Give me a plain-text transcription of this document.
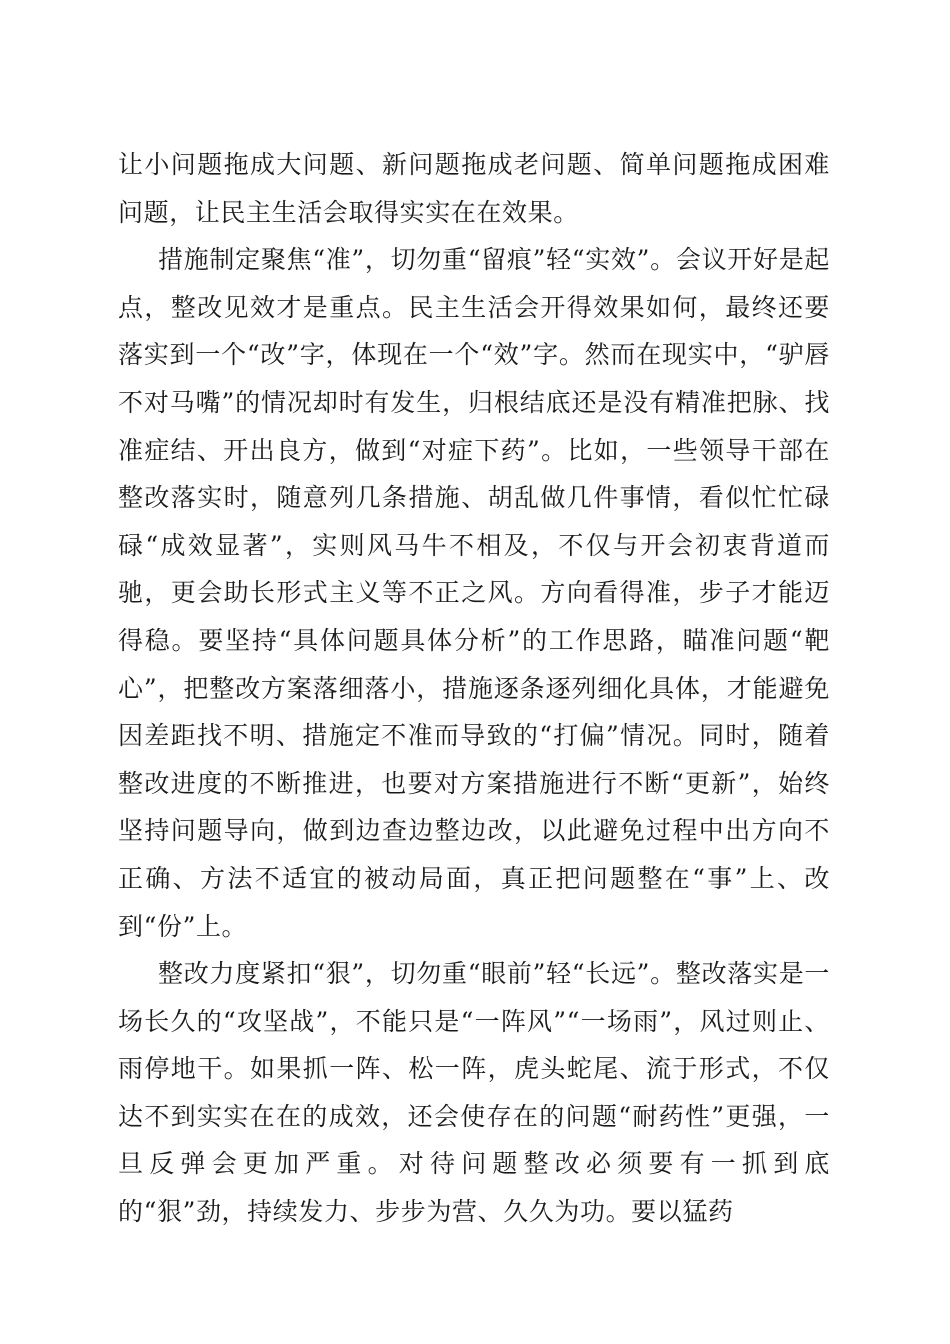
让小问题拖成大问题、新问题拖成老问题、简单问题拖成困难问题，让民主生活会取得实实在在效果。

措施制定聚焦“准”，切勿重“留痕”轻“实效”。会议开好是起点，整改见效才是重点。民主生活会开得效果如何，最终还要落实到一个“改”字，体现在一个“效”字。然而在现实中，“驴唇不对马嘴”的情况却时有发生，归根结底还是没有精准把脉、找准症结、开出良方，做到“对症下药”。比如，一些领导干部在整改落实时，随意列几条措施、胡乱做几件事情，看似忙忙碌碌“成效显著”，实则风马牛不相及，不仅与开会初衷背道而驰，更会助长形式主义等不正之风。方向看得准，步子才能迈得稳。要坚持“具体问题具体分析”的工作思路，瞄准问题“靶心”，把整改方案落细落小，措施逐条逐列细化具体，才能避免因差距找不明、措施定不准而导致的“打偏”情况。同时，随着整改进度的不断推进，也要对方案措施进行不断“更新”，始终坚持问题导向，做到边查边整边改，以此避免过程中出方向不正确、方法不适宜的被动局面，真正把问题整在“事”上、改到“份”上。

整改力度紧扣“狠”，切勿重“眼前”轻“长远”。整改落实是一场长久的“攻坚战”，不能只是“一阵风”“一场雨”，风过则止、雨停地干。如果抓一阵、松一阵，虎头蛇尾、流于形式，不仅达不到实实在在的成效，还会使存在的问题“耐药性”更强，一旦反弹会更加严重。对待问题整改必须要有一抓到底的“狠”劲，持续发力、步步为营、久久为功。要以猛药
